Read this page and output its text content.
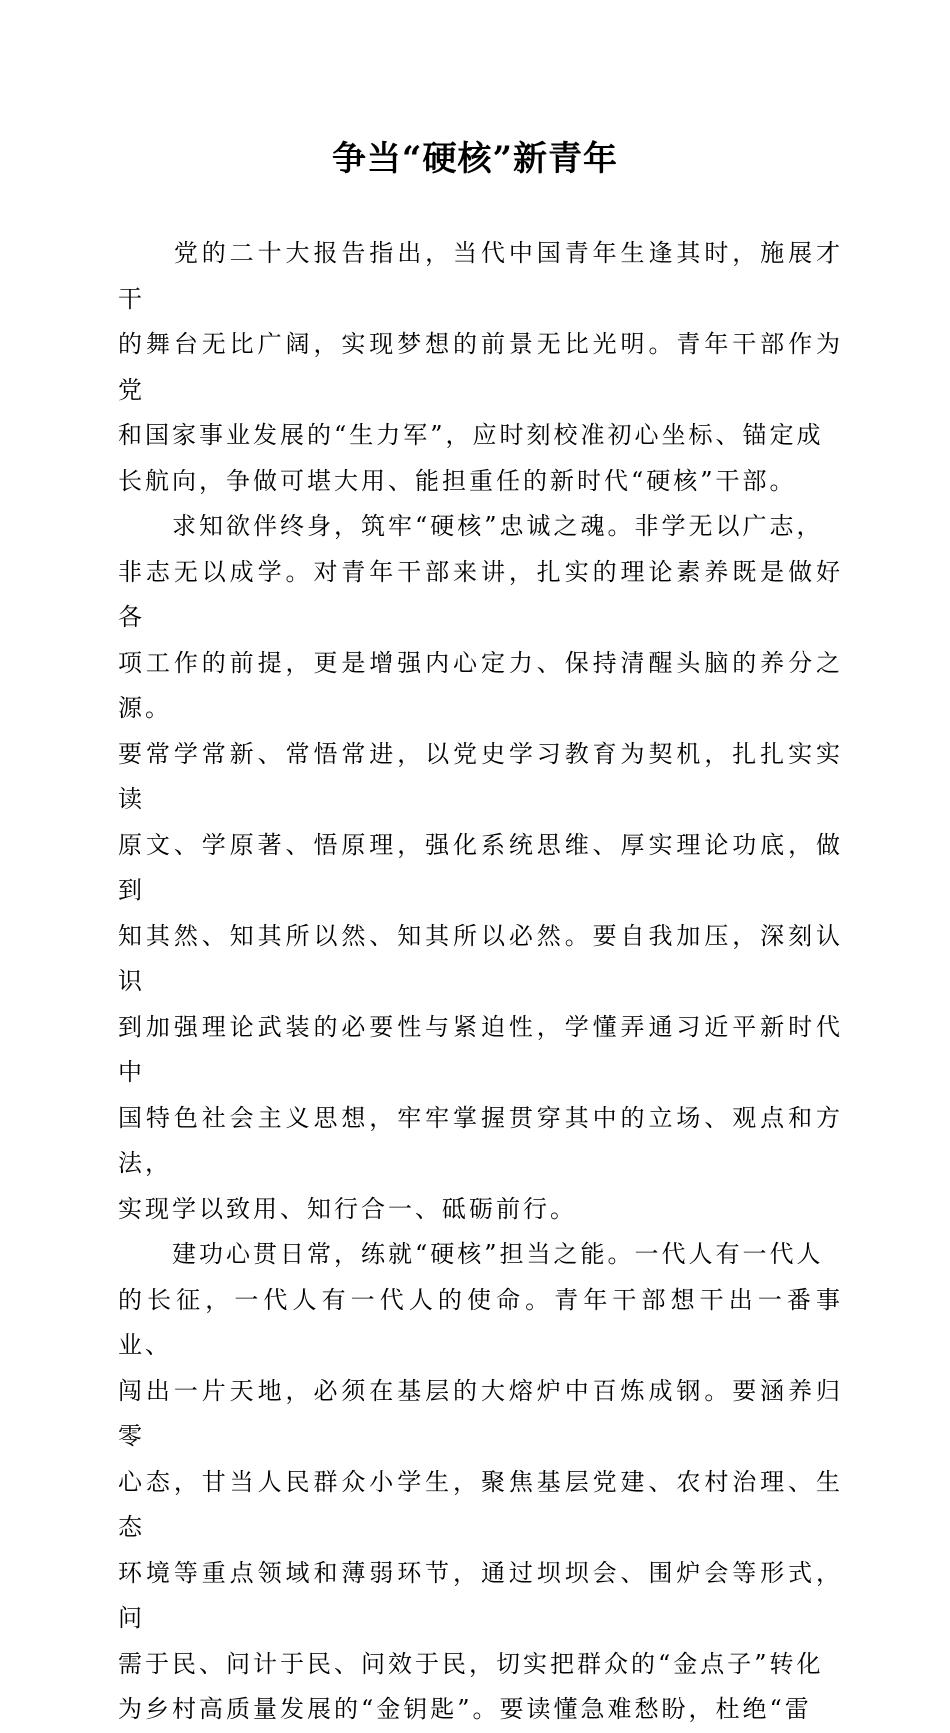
争当“硬核”新青年
　　党的二十大报告指出，当代中国青年生逢其时，施展才干
的舞台无比广阔，实现梦想的前景无比光明。青年干部作为党
和国家事业发展的“生力军”，应时刻校准初心坐标、锚定成
长航向，争做可堪大用、能担重任的新时代“硬核”干部。
　　求知欲伴终身，筑牢“硬核”忠诚之魂。非学无以广志，
非志无以成学。对青年干部来讲，扎实的理论素养既是做好各
项工作的前提，更是增强内心定力、保持清醒头脑的养分之源。
要常学常新、常悟常进，以党史学习教育为契机，扎扎实实读
原文、学原著、悟原理，强化系统思维、厚实理论功底，做到
知其然、知其所以然、知其所以必然。要自我加压，深刻认识
到加强理论武装的必要性与紧迫性，学懂弄通习近平新时代中
国特色社会主义思想，牢牢掌握贯穿其中的立场、观点和方法，
实现学以致用、知行合一、砥砺前行。
　　建功心贯日常，练就“硬核”担当之能。一代人有一代人
的长征，一代人有一代人的使命。青年干部想干出一番事业、
闯出一片天地，必须在基层的大熔炉中百炼成钢。要涵养归零
心态，甘当人民群众小学生，聚焦基层党建、农村治理、生态
环境等重点领域和薄弱环节，通过坝坝会、围炉会等形式，问
需于民、问计于民、问效于民，切实把群众的“金点子”转化
为乡村高质量发展的“金钥匙”。要读懂急难愁盼，杜绝“雷
